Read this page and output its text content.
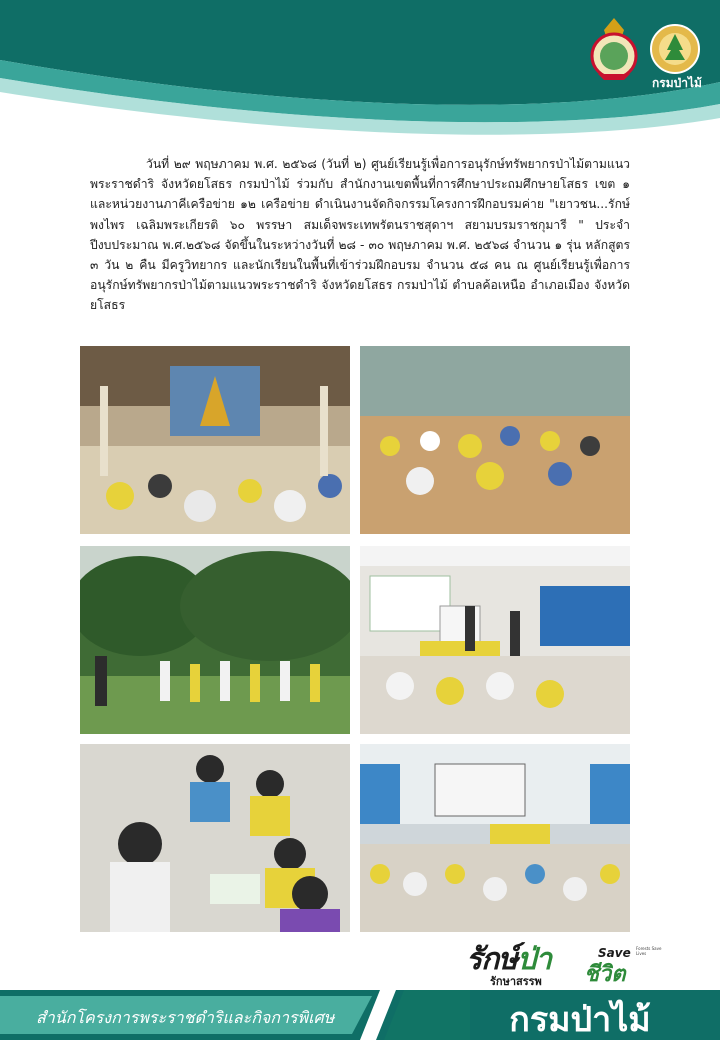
กรมป่าไม้
วันที่ ๒๙ พฤษภาคม พ.ศ. ๒๕๖๘ (วันที่ ๒) ศูนย์เรียนรู้เพื่อการอนุรักษ์ทรัพยากรป่าไม้ตามแนวพระราชดำริ จังหวัดยโสธร กรมป่าไม้ ร่วมกับ สำนักงานเขตพื้นที่การศึกษาประถมศึกษายโสธร เขต ๑ และหน่วยงานภาคีเครือข่าย ๑๒ เครือข่าย ดำเนินงานจัดกิจกรรมโครงการฝึกอบรมค่าย "เยาวชน...รักษ์พงไพร เฉลิมพระเกียรติ ๖๐ พรรษา สมเด็จพระเทพรัตนราชสุดาฯ สยามบรมราชกุมารี " ประจำปีงบประมาณ พ.ศ.๒๕๖๘ จัดขึ้นในระหว่างวันที่ ๒๘ - ๓๐ พฤษภาคม พ.ศ. ๒๕๖๘ จำนวน ๑ รุ่น หลักสูตร ๓ วัน ๒ คืน มีครูวิทยากร และนักเรียนในพื้นที่เข้าร่วมฝึกอบรม จำนวน ๕๘ คน ณ ศูนย์เรียนรู้เพื่อการอนุรักษ์ทรัพยากรป่าไม้ตามแนวพระราชดำริ จังหวัดยโสธร กรมป่าไม้ ตำบลค้อเหนือ อำเภอเมือง จังหวัดยโสธร
รักษ์ป่า
รักษาสรรพ
Save Forests Save Lives
ชีวิต
สำนักโครงการพระราชดำริและกิจการพิเศษ	กรมป่าไม้
